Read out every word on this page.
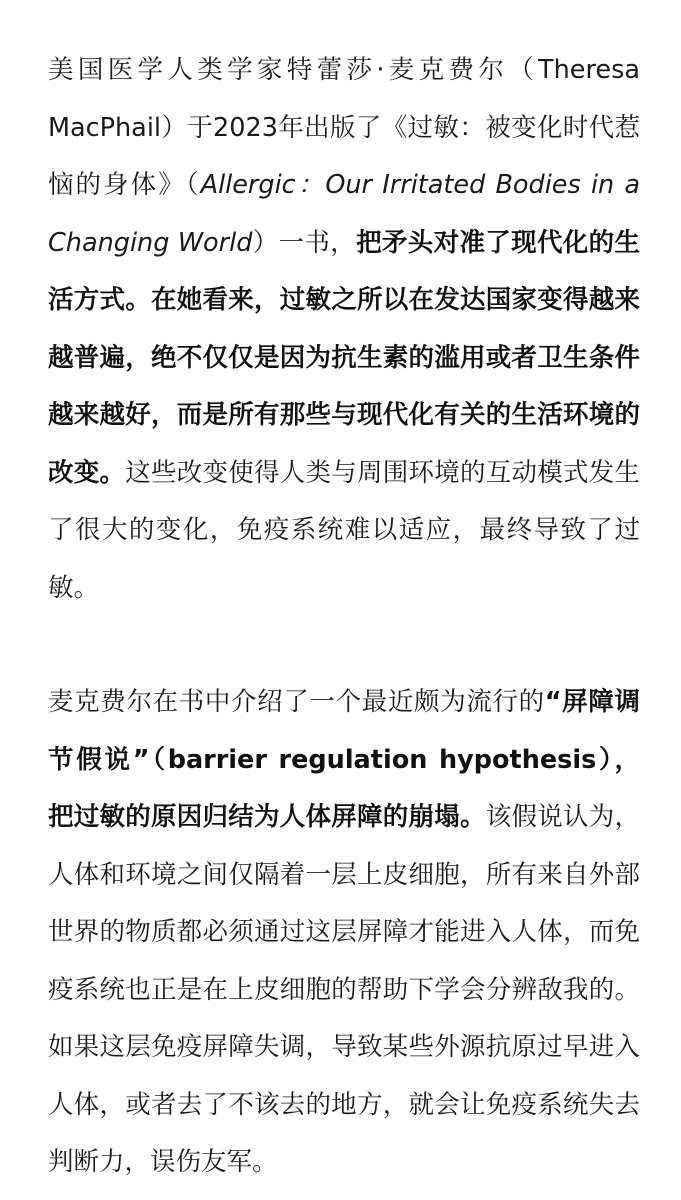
美国医学人类学家特蕾莎·麦克费尔（Theresa MacPhail）于2023年出版了《过敏：被变化时代惹恼的身体》（Allergic：Our Irritated Bodies in a Changing World）一书，把矛头对准了现代化的生活方式。在她看来，过敏之所以在发达国家变得越来越普遍，绝不仅仅是因为抗生素的滥用或者卫生条件越来越好，而是所有那些与现代化有关的生活环境的改变。这些改变使得人类与周围环境的互动模式发生了很大的变化，免疫系统难以适应，最终导致了过敏。

麦克费尔在书中介绍了一个最近颇为流行的“屏障调节假说”（barrier regulation hypothesis），把过敏的原因归结为人体屏障的崩塌。该假说认为，人体和环境之间仅隔着一层上皮细胞，所有来自外部世界的物质都必须通过这层屏障才能进入人体，而免疫系统也正是在上皮细胞的帮助下学会分辨敌我的。如果这层免疫屏障失调，导致某些外源抗原过早进入人体，或者去了不该去的地方，就会让免疫系统失去判断力，误伤友军。
